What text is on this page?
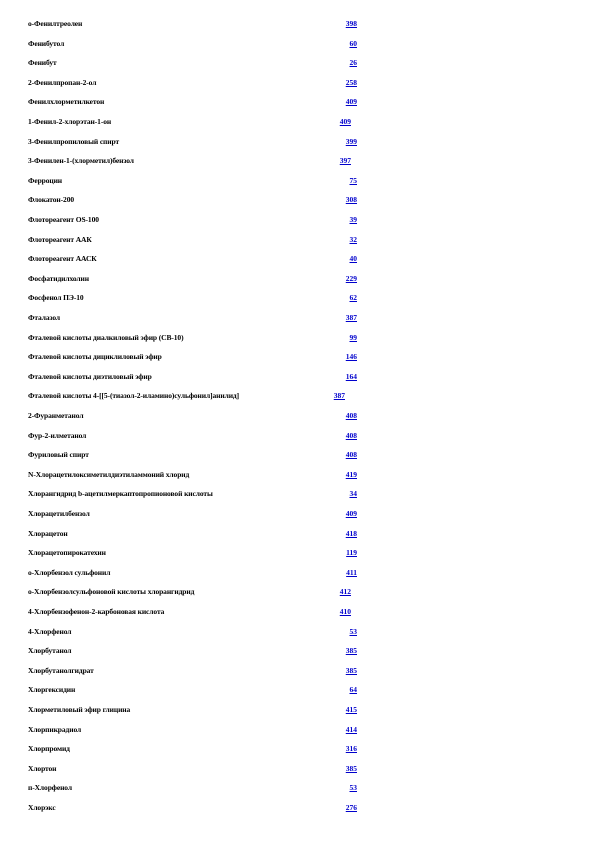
о-Фенилтреолен	398
Фенибутол	60
Фенибут	26
2-Фенилпропан-2-ол	258
Фенилхлорметилкетон	409
1-Фенил-2-хлорэтан-1-он	409
3-Фенилпропиловый спирт	399
3-Фенилен-1-(хлорметил)бензол	397
Ферроцин	75
Флокатон-200	308
Флотореагент ОS-100	39
Флотореагент ААК	32
Флотореагент ААСК	40
Фосфатидилхолин	229
Фосфенол ПЭ-10	62
Фталазол	387
Фталевой кислоты диалкиловый эфир (СВ-10)	99
Фталевой кислоты дициклиловый эфир	146
Фталевой кислоты диэтиловый эфир	164
Фталевой кислоты 4-[[5-(тиазол-2-иламино)сульфонил]анилид]	387
2-Фуранметанол	408
Фур-2-илметанол	408
Фуриловый спирт	408
N-Хлорацетилоксиметилдиэтиламмоний хлорид	419
Хлорангидрид b-ацетилмеркаптопропионовой кислоты	34
Хлорацетилбензол	409
Хлорацетон	418
Хлорацетопирокатехин	119
о-Хлорбензол сульфонил	411
о-Хлорбензолсульфоновой кислоты хлорангидрид	412
4-Хлорбензофенон-2-карбоновая кислота	410
4-Хлорфенол	53
Хлорбутанол	385
Хлорбутанолгидрат	385
Хлоргексидин	64
Хлорметиловый эфир глицина	415
Хлорпикрадиол	414
Хлорпромид	316
Хлортон	385
п-Хлорфенол	53
Хлорэкс	276
